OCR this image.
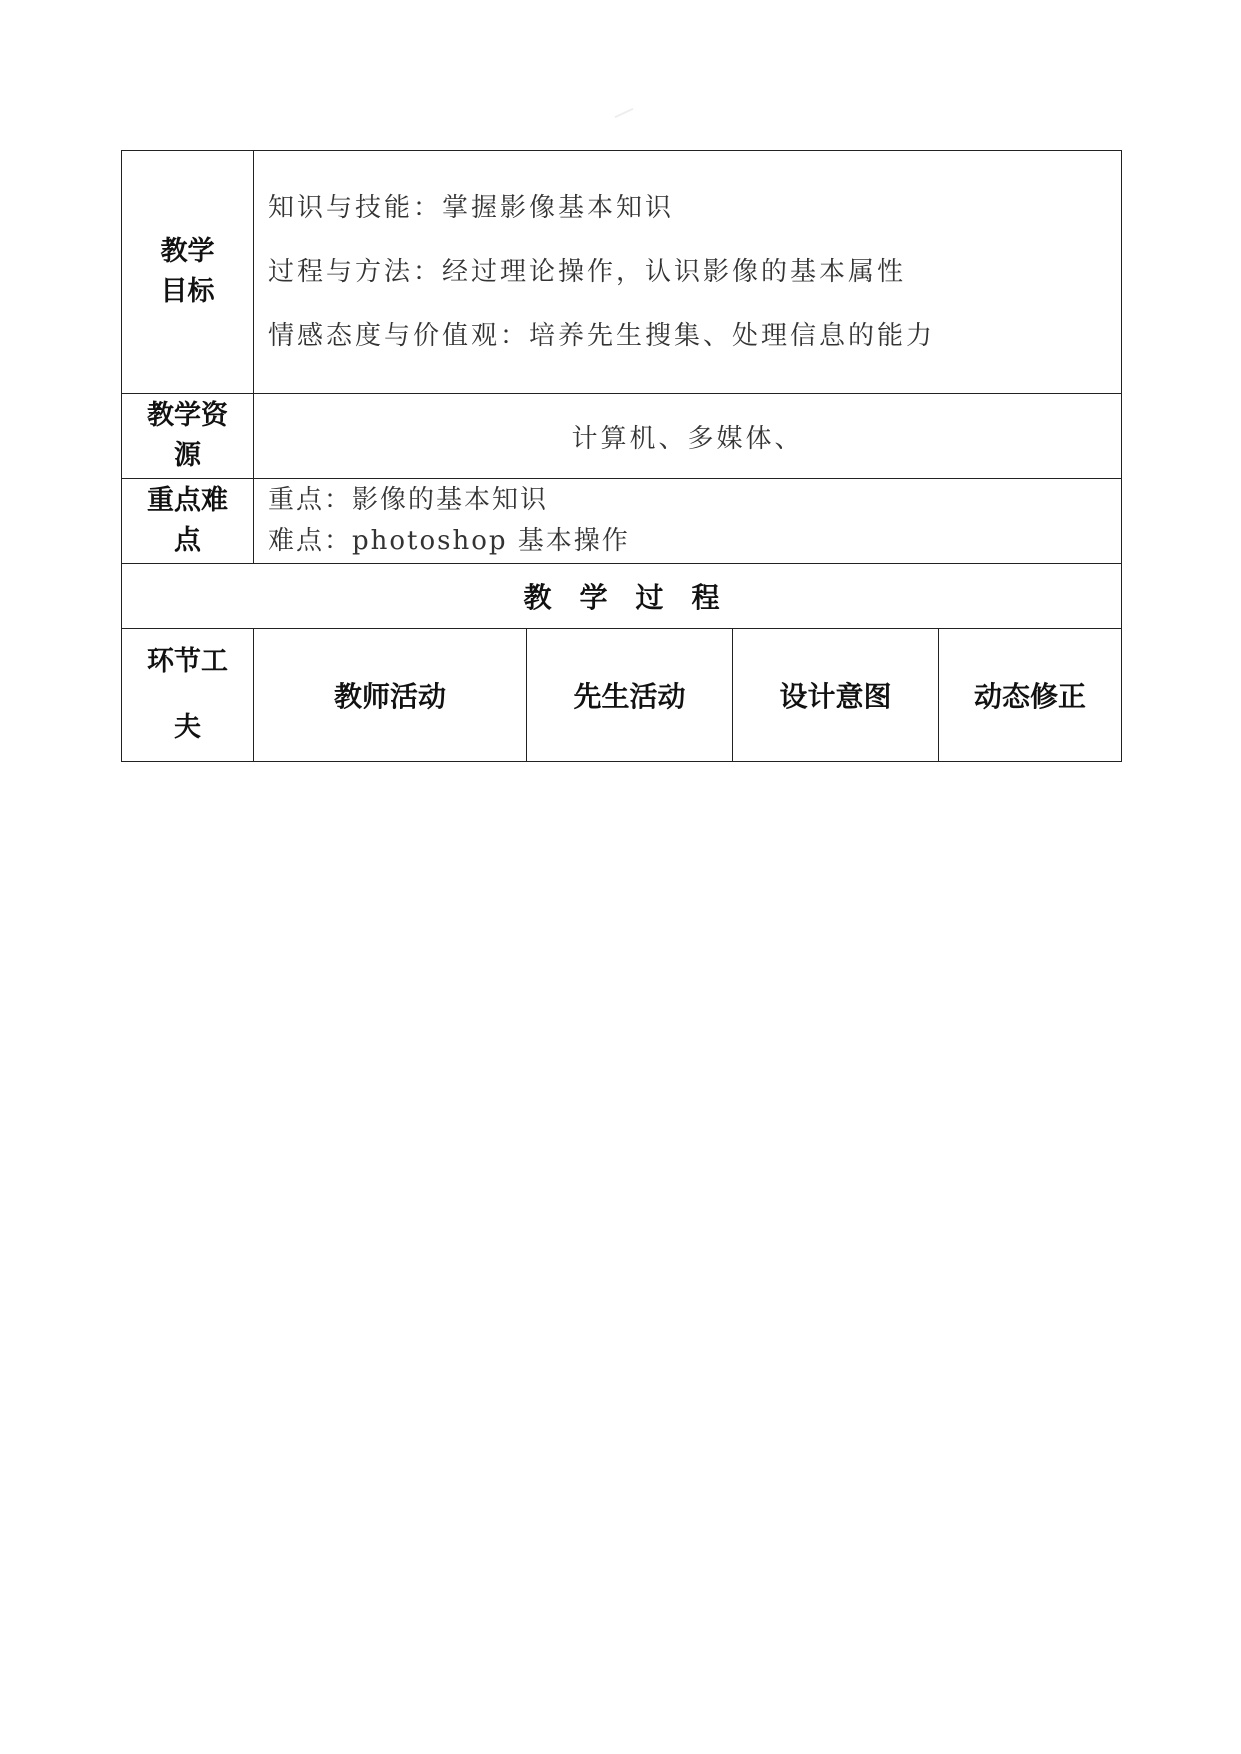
教学目标	知识与技能：掌握影像基本知识
过程与方法：经过理论操作，认识影像的基本属性
情感态度与价值观：培养先生搜集、处理信息的能力			

教学资源	计算机、多媒体、			
重点难点	重点：影像的基本知识
难点：photoshop 基本操作			

教学过程				
环节工夫	教师活动	先生活动	设计意图	动态修正
